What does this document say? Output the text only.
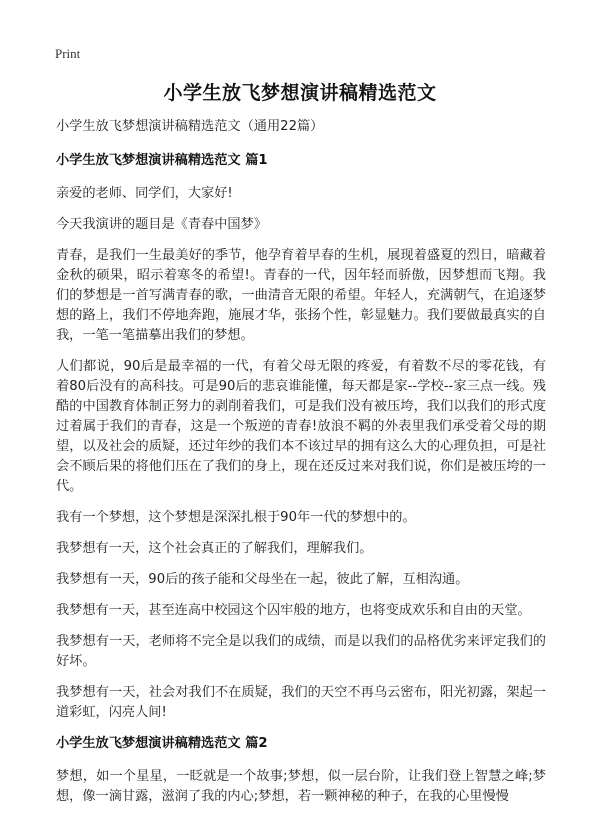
Print
小学生放飞梦想演讲稿精选范文
小学生放飞梦想演讲稿精选范文（通用22篇）
小学生放飞梦想演讲稿精选范文 篇1

亲爱的老师、同学们，大家好!

今天我演讲的题目是《青春中国梦》

青春，是我们一生最美好的季节，他孕育着早春的生机，展现着盛夏的烈日，暗藏着金秋的硕果，昭示着寒冬的希望!。青春的一代，因年轻而骄傲，因梦想而飞翔。我们的梦想是一首写满青春的歌，一曲清音无限的希望。年轻人，充满朝气，在追逐梦想的路上，我们不停地奔跑，施展才华，张扬个性，彰显魅力。我们要做最真实的自我，一笔一笔描摹出我们的梦想。

人们都说，90后是最幸福的一代，有着父母无限的疼爱，有着数不尽的零花钱，有着80后没有的高科技。可是90后的悲哀谁能懂，每天都是家--学校--家三点一线。残酷的中国教育体制正努力的剥削着我们，可是我们没有被压垮，我们以我们的形式度过着属于我们的青春，这是一个叛逆的青春!放浪不羁的外表里我们承受着父母的期望，以及社会的质疑，还过年纱的我们本不该过早的拥有这么大的心理负担，可是社会不顾后果的将他们压在了我们的身上，现在还反过来对我们说，你们是被压垮的一代。

我有一个梦想，这个梦想是深深扎根于90年一代的梦想中的。

我梦想有一天，这个社会真正的了解我们，理解我们。

我梦想有一天，90后的孩子能和父母坐在一起，彼此了解，互相沟通。

我梦想有一天，甚至连高中校园这个囚牢般的地方，也将变成欢乐和自由的天堂。

我梦想有一天，老师将不完全是以我们的成绩，而是以我们的品格优劣来评定我们的好坏。

我梦想有一天，社会对我们不在质疑，我们的天空不再乌云密布，阳光初露，架起一道彩虹，闪亮人间!

小学生放飞梦想演讲稿精选范文 篇2

梦想，如一个星星，一眨就是一个故事;梦想，似一层台阶，让我们登上智慧之峰;梦想，像一滴甘露，滋润了我的内心;梦想，若一颗神秘的种子，在我的心里慢慢
